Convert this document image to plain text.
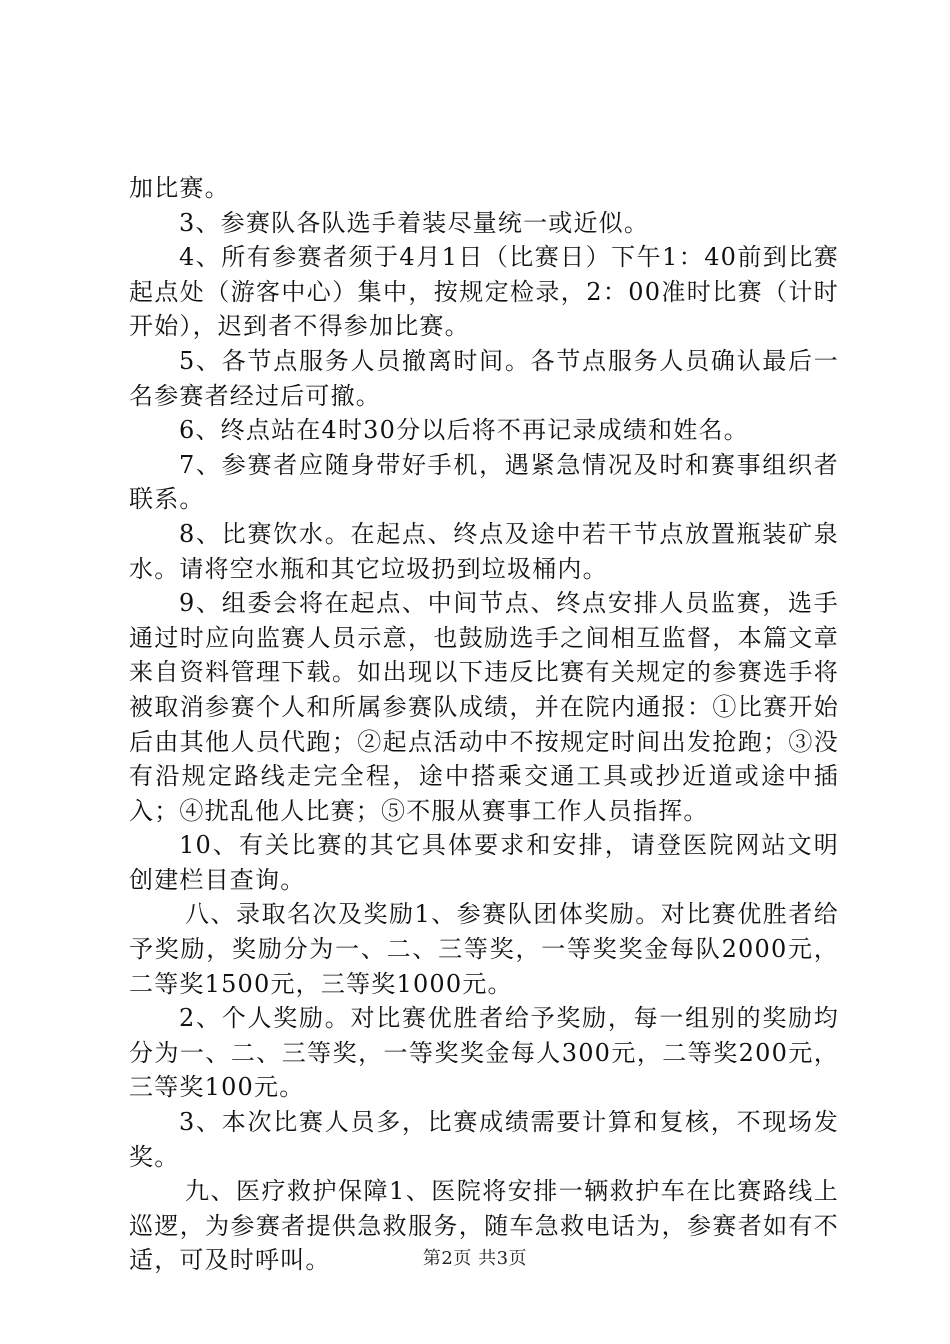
加比赛。

3、参赛队各队选手着装尽量统一或近似。

4、所有参赛者须于4月1日（比赛日）下午1：40前到比赛起点处（游客中心）集中，按规定检录，2：00准时比赛（计时开始），迟到者不得参加比赛。

5、各节点服务人员撤离时间。各节点服务人员确认最后一名参赛者经过后可撤。

6、终点站在4时30分以后将不再记录成绩和姓名。

7、参赛者应随身带好手机，遇紧急情况及时和赛事组织者联系。

8、比赛饮水。在起点、终点及途中若干节点放置瓶装矿泉水。请将空水瓶和其它垃圾扔到垃圾桶内。

9、组委会将在起点、中间节点、终点安排人员监赛，选手通过时应向监赛人员示意，也鼓励选手之间相互监督，本篇文章来自资料管理下载。如出现以下违反比赛有关规定的参赛选手将被取消参赛个人和所属参赛队成绩，并在院内通报：①比赛开始后由其他人员代跑；②起点活动中不按规定时间出发抢跑；③没有沿规定路线走完全程，途中搭乘交通工具或抄近道或途中插入；④扰乱他人比赛；⑤不服从赛事工作人员指挥。

10、有关比赛的其它具体要求和安排，请登医院网站文明创建栏目查询。

八、录取名次及奖励1、参赛队团体奖励。对比赛优胜者给予奖励，奖励分为一、二、三等奖，一等奖奖金每队2000元，二等奖1500元，三等奖1000元。

2、个人奖励。对比赛优胜者给予奖励，每一组别的奖励均分为一、二、三等奖，一等奖奖金每人300元，二等奖200元，三等奖100元。

3、本次比赛人员多，比赛成绩需要计算和复核，不现场发奖。

九、医疗救护保障1、医院将安排一辆救护车在比赛路线上巡逻，为参赛者提供急救服务，随车急救电话为，参赛者如有不适，可及时呼叫。	第2页 共3页
